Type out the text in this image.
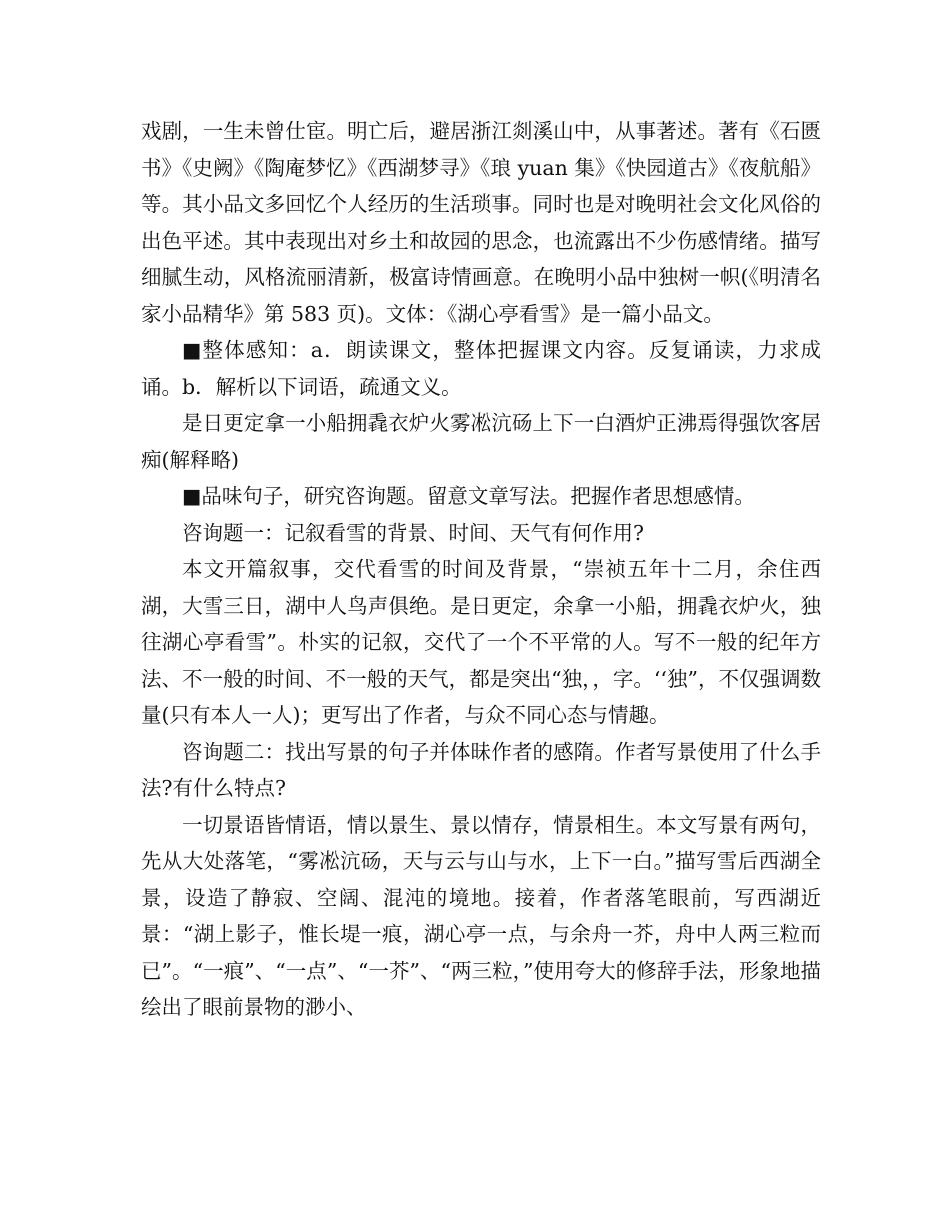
戏剧，一生未曾仕宦。明亡后，避居浙江剡溪山中，从事著述。著有《石匮书》《史阙》《陶庵梦忆》《西湖梦寻》《琅 yuan 集》《快园道古》《夜航船》等。其小品文多回忆个人经历的生活琐事。同时也是对晚明社会文化风俗的出色平述。其中表现出对乡土和故园的思念，也流露出不少伤感情绪。描写细腻生动，风格流丽清新，极富诗情画意。在晚明小品中独树一帜(《明清名家小品精华》第 583 页)。文体：《湖心亭看雪》是一篇小品文。

■整体感知：a．朗读课文，整体把握课文内容。反复诵读，力求成诵。b．解析以下词语，疏通文义。

是日更定拿一小船拥毳衣炉火雾凇沆砀上下一白酒炉正沸焉得强饮客居痴(解释略)

■品味句子，研究咨询题。留意文章写法。把握作者思想感情。

咨询题一：记叙看雪的背景、时间、天气有何作用?

本文开篇叙事，交代看雪的时间及背景，“崇祯五年十二月，余住西湖，大雪三日，湖中人鸟声俱绝。是日更定，余拿一小船，拥毳衣炉火，独往湖心亭看雪”。朴实的记叙，交代了一个不平常的人。写不一般的纪年方法、不一般的时间、不一般的天气，都是突出“独，，字。‘‘独”，不仅强调数量(只有本人一人)；更写出了作者，与众不同心态与情趣。

咨询题二：找出写景的句子并体昧作者的感隋。作者写景使用了什么手法?有什么特点?

一切景语皆情语，情以景生、景以情存，情景相生。本文写景有两句，先从大处落笔，“雾凇沆砀，天与云与山与水，上下一白。”描写雪后西湖全景，设造了静寂、空阔、混沌的境地。接着，作者落笔眼前，写西湖近景：“湖上影子，惟长堤一痕，湖心亭一点，与余舟一芥，舟中人两三粒而已”。“一痕”、“一点”、“一芥”、“两三粒，”使用夸大的修辞手法，形象地描绘出了眼前景物的渺小、
